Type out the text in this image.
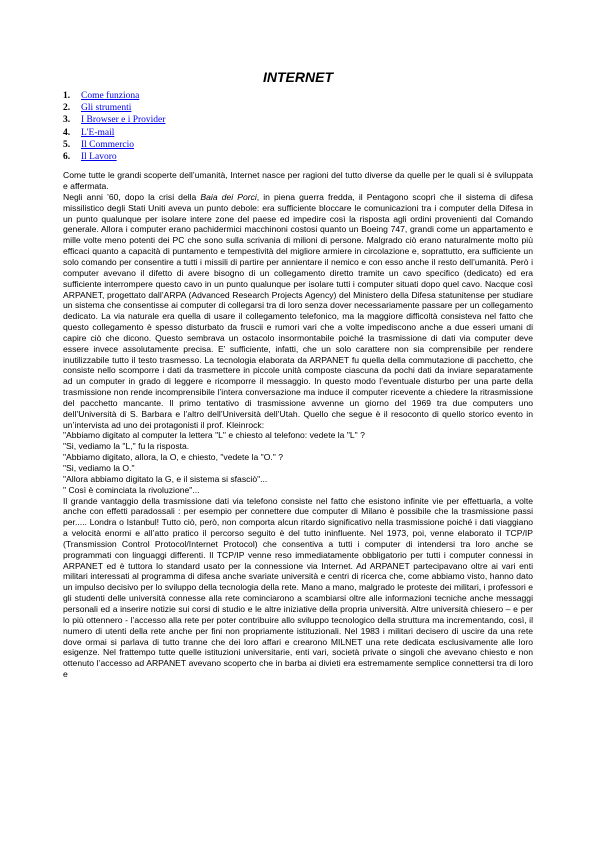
INTERNET
1.	Come funziona
2.	Gli strumenti
3.	I Browser e i Provider
4.	L'E-mail
5.	Il Commercio
6.	Il Lavoro

Come tutte le grandi scoperte dell’umanità, Internet nasce per ragioni del tutto diverse da quelle per le quali si è sviluppata e affermata.

Negli anni ’60, dopo la crisi della Baia dei Porci, in piena guerra fredda, il Pentagono scoprì che il sistema di difesa missilistico degli Stati Uniti aveva un punto debole: era sufficiente bloccare le comunicazioni tra i computer della Difesa in un punto qualunque per isolare intere zone del paese ed impedire così la risposta agli ordini provenienti dal Comando generale. Allora i computer erano pachidermici macchinoni costosi quanto un Boeing 747, grandi come un appartamento e mille volte meno potenti dei PC che sono sulla scrivania di milioni di persone. Malgrado ciò erano naturalmente molto più efficaci quanto a capacità di puntamento e tempestività del migliore armiere in circolazione e, soprattutto, era sufficiente un solo comando per consentire a tutti i missili di partire per annientare il nemico e con esso anche il resto dell’umanità. Però i computer avevano il difetto di avere bisogno di un collegamento diretto tramite un cavo specifico (dedicato) ed era sufficiente interrompere questo cavo in un punto qualunque per isolare tutti i computer situati dopo quel cavo. Nacque così ARPANET, progettato dall’ARPA (Advanced Research Projects Agency) del Ministero della Difesa statunitense per studiare un sistema che consentisse ai computer di collegarsi tra di loro senza dover necessariamente passare per un collegamento dedicato. La via naturale era quella di usare il collegamento telefonico, ma la maggiore difficoltà consisteva nel fatto che questo collegamento è spesso disturbato da fruscii e rumori vari che a volte impediscono anche a due esseri umani di capire ciò che dicono. Questo sembrava un ostacolo insormontabile poiché la trasmissione di dati via computer deve essere invece assolutamente precisa. E’ sufficiente, infatti, che un solo carattere non sia comprensibile per rendere inutilizzabile tutto il testo trasmesso. La tecnologia elaborata da ARPANET fu quella della commutazione di pacchetto, che consiste nello scomporre i dati da trasmettere in piccole unità composte ciascuna da pochi dati da inviare separatamente ad un computer in grado di leggere e ricomporre il messaggio. In questo modo l’eventuale disturbo per una parte della trasmissione non rende incomprensibile l’intera conversazione ma induce il computer ricevente a chiedere la ritrasmissione del pacchetto mancante. Il primo tentativo di trasmissione avvenne un giorno del 1969 tra due computers uno dell’Università di S. Barbara e l’altro dell’Università dell’Utah. Quello che segue è il resoconto di quello storico evento in un’intervista ad uno dei protagonisti il prof. Kleinrock:

"Abbiamo digitato al computer la lettera "L" e chiesto al telefono: vedete la "L" ?

"Si, vediamo la "L," fu la risposta.

"Abbiamo digitato, allora, la O, e chiesto, "vedete la "O." ?

"Si, vediamo la O."

"Allora abbiamo digitato la G, e il sistema si sfasciò"...

" Così è cominciata la rivoluzione"...

Il grande vantaggio della trasmissione dati via telefono consiste nel fatto che esistono infinite vie per effettuarla, a volte anche con effetti paradossali : per esempio per connettere due computer di Milano è possibile che la trasmissione passi per..... Londra o Istanbul! Tutto ciò, però, non comporta alcun ritardo significativo nella trasmissione poiché i dati viaggiano a velocità enormi e all’atto pratico il percorso seguito è del tutto ininfluente. Nel 1973, poi, venne elaborato il TCP/IP (Transmission Control Protocol/Internet Protocol) che consentiva a tutti i computer di intendersi tra loro anche se programmati con linguaggi differenti. Il TCP/IP venne reso immediatamente obbligatorio per tutti i computer connessi in ARPANET ed è tuttora lo standard usato per la connessione via Internet. Ad ARPANET partecipavano oltre ai vari enti militari interessati al programma di difesa anche svariate università e centri di ricerca che, come abbiamo visto, hanno dato un impulso decisivo per lo sviluppo della tecnologia della rete. Mano a mano, malgrado le proteste dei militari, i professori e gli studenti delle università connesse alla rete cominciarono a scambiarsi oltre alle informazioni tecniche anche messaggi personali ed a inserire notizie sui corsi di studio e le altre iniziative della propria università. Altre università chiesero – e per lo più ottennero - l’accesso alla rete per poter contribuire allo sviluppo tecnologico della struttura ma incrementando, così, il numero di utenti della rete anche per fini non propriamente istituzionali. Nel 1983 i militari decisero di uscire da una rete dove ormai si parlava di tutto tranne che dei loro affari e crearono MILNET una rete dedicata esclusivamente alle loro esigenze. Nel frattempo tutte quelle istituzioni universitarie, enti vari, società private o singoli che avevano chiesto e non ottenuto l’accesso ad ARPANET avevano scoperto che in barba ai divieti era estremamente semplice connettersi tra di loro e
